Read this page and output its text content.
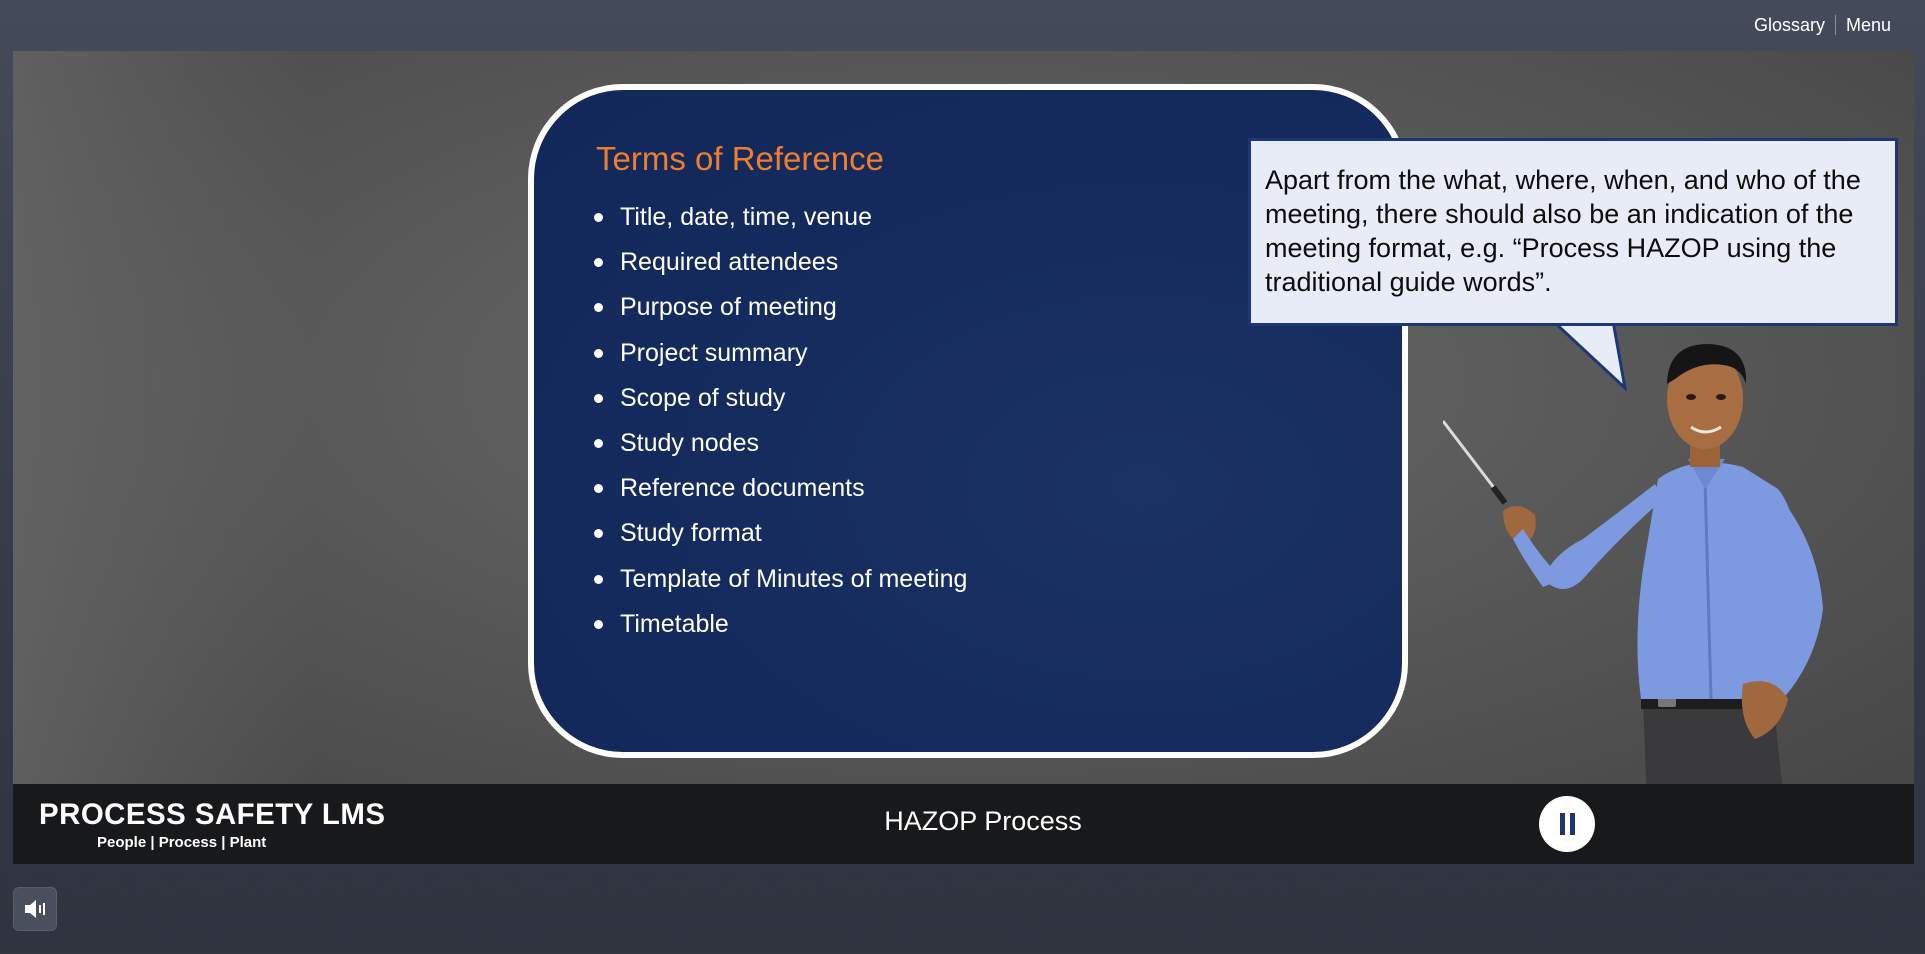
Glossary	Menu
Terms of Reference
Title, date, time, venue
Required attendees
Purpose of meeting
Project summary
Scope of study
Study nodes
Reference documents
Study format
Template of Minutes of meeting
Timetable
Apart from the what, where, when, and who of the meeting, there should also be an indication of the meeting format, e.g. “Process HAZOP using the traditional guide words”.
PROCESS SAFETY LMS
People | Process | Plant
HAZOP Process
